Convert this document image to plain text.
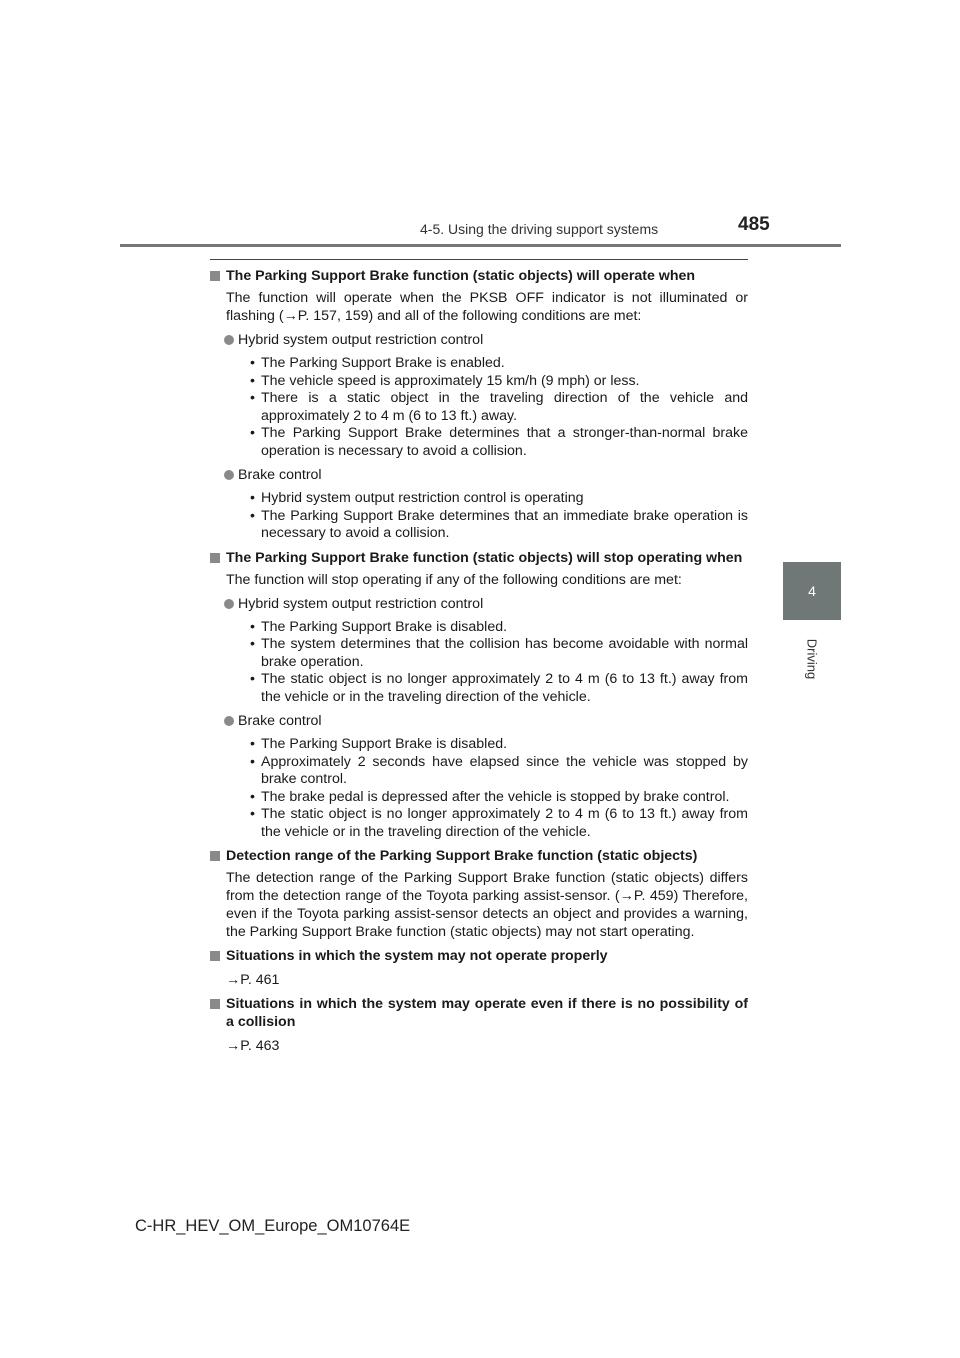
4-5. Using the driving support systems	485
4
Driving
The Parking Support Brake function (static objects) will operate when
The function will operate when the PKSB OFF indicator is not illuminated or flashing (→P. 157, 159) and all of the following conditions are met:
Hybrid system output restriction control
• The Parking Support Brake is enabled.
• The vehicle speed is approximately 15 km/h (9 mph) or less.
• There is a static object in the traveling direction of the vehicle and approximately 2 to 4 m (6 to 13 ft.) away.
• The Parking Support Brake determines that a stronger-than-normal brake operation is necessary to avoid a collision.
Brake control
• Hybrid system output restriction control is operating
• The Parking Support Brake determines that an immediate brake operation is necessary to avoid a collision.
The Parking Support Brake function (static objects) will stop operating when
The function will stop operating if any of the following conditions are met:
Hybrid system output restriction control
• The Parking Support Brake is disabled.
• The system determines that the collision has become avoidable with normal brake operation.
• The static object is no longer approximately 2 to 4 m (6 to 13 ft.) away from the vehicle or in the traveling direction of the vehicle.
Brake control
• The Parking Support Brake is disabled.
• Approximately 2 seconds have elapsed since the vehicle was stopped by brake control.
• The brake pedal is depressed after the vehicle is stopped by brake control.
• The static object is no longer approximately 2 to 4 m (6 to 13 ft.) away from the vehicle or in the traveling direction of the vehicle.
Detection range of the Parking Support Brake function (static objects)
The detection range of the Parking Support Brake function (static objects) differs from the detection range of the Toyota parking assist-sensor. (→P. 459) Therefore, even if the Toyota parking assist-sensor detects an object and provides a warning, the Parking Support Brake function (static objects) may not start operating.
Situations in which the system may not operate properly
→P. 461
Situations in which the system may operate even if there is no possibility of a collision
→P. 463
C-HR_HEV_OM_Europe_OM10764E
